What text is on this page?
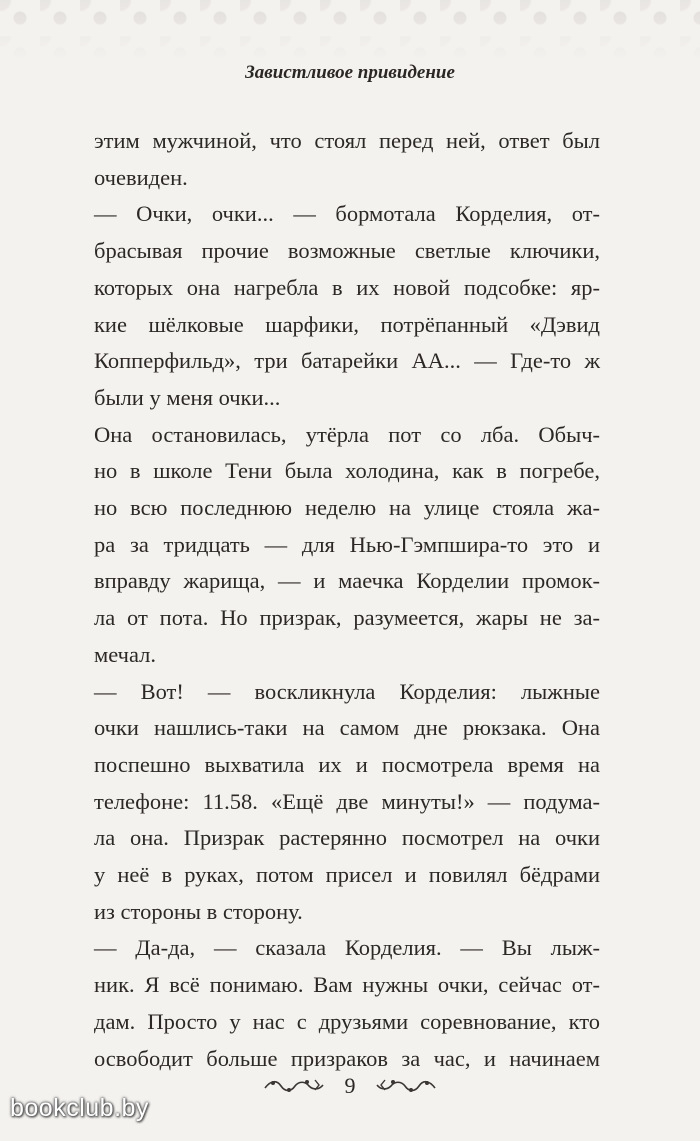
Завистливое привидение
этим мужчиной, что стоял перед ней, ответ был
очевиден.
— Очки, очки... — бормотала Корделия, от-
брасывая прочие возможные светлые ключики,
которых она нагребла в их новой подсобке: яр-
кие шёлковые шарфики, потрёпанный «Дэвид
Копперфильд», три батарейки АА... — Где-то ж
были у меня очки...
Она остановилась, утёрла пот со лба. Обыч-
но в школе Тени была холодина, как в погребе,
но всю последнюю неделю на улице стояла жа-
ра за тридцать — для Нью-Гэмпшира-то это и
вправду жарища, — и маечка Корделии промок-
ла от пота. Но призрак, разумеется, жары не за-
мечал.
— Вот! — воскликнула Корделия: лыжные
очки нашлись-таки на самом дне рюкзака. Она
поспешно выхватила их и посмотрела время на
телефоне: 11.58. «Ещё две минуты!» — подума-
ла она. Призрак растерянно посмотрел на очки
у неё в руках, потом присел и повилял бёдрами
из стороны в сторону.
— Да-да, — сказала Корделия. — Вы лыж-
ник. Я всё понимаю. Вам нужны очки, сейчас от-
дам. Просто у нас с друзьями соревнование, кто
освободит больше призраков за час, и начинаем
9
bookclub.by
